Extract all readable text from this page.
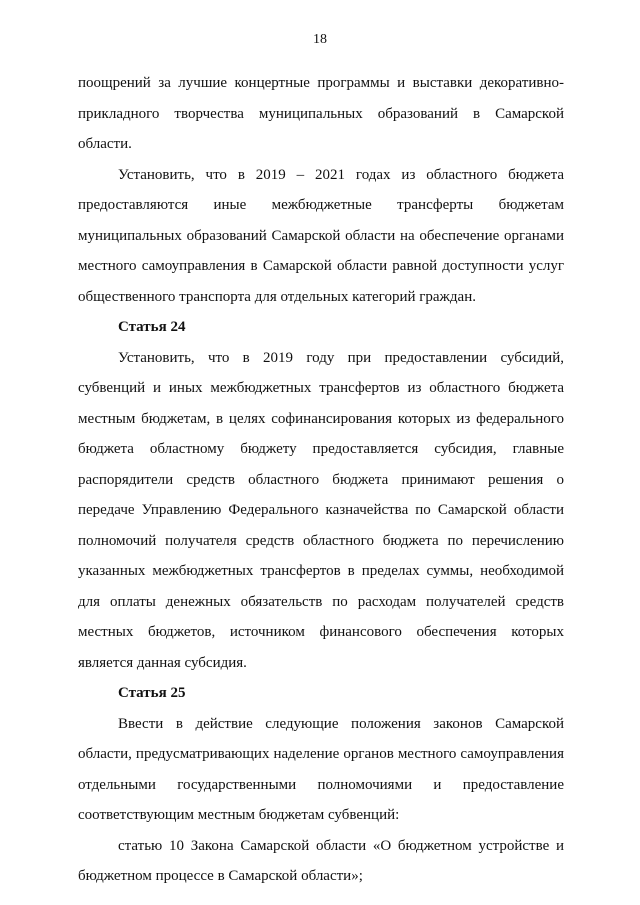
18

поощрений за лучшие концертные программы и выставки декоративно-прикладного творчества муниципальных образований в Самарской области.

Установить, что в 2019 – 2021 годах из областного бюджета предоставляются иные межбюджетные трансферты бюджетам муниципальных образований Самарской области на обеспечение органами местного самоуправления в Самарской области равной доступности услуг общественного транспорта для отдельных категорий граждан.

Статья 24

Установить, что в 2019 году при предоставлении субсидий, субвенций и иных межбюджетных трансфертов из областного бюджета местным бюджетам, в целях софинансирования которых из федерального бюджета областному бюджету предоставляется субсидия, главные распорядители средств областного бюджета принимают решения о передаче Управлению Федерального казначейства по Самарской области полномочий получателя средств областного бюджета по перечислению указанных межбюджетных трансфертов в пределах суммы, необходимой для оплаты денежных обязательств по расходам получателей средств местных бюджетов, источником финансового обеспечения которых является данная субсидия.

Статья 25

Ввести в действие следующие положения законов Самарской области, предусматривающих наделение органов местного самоуправления отдельными государственными полномочиями и предоставление соответствующим местным бюджетам субвенций:

статью 10 Закона Самарской области «О бюджетном устройстве и бюджетном процессе в Самарской области»;
